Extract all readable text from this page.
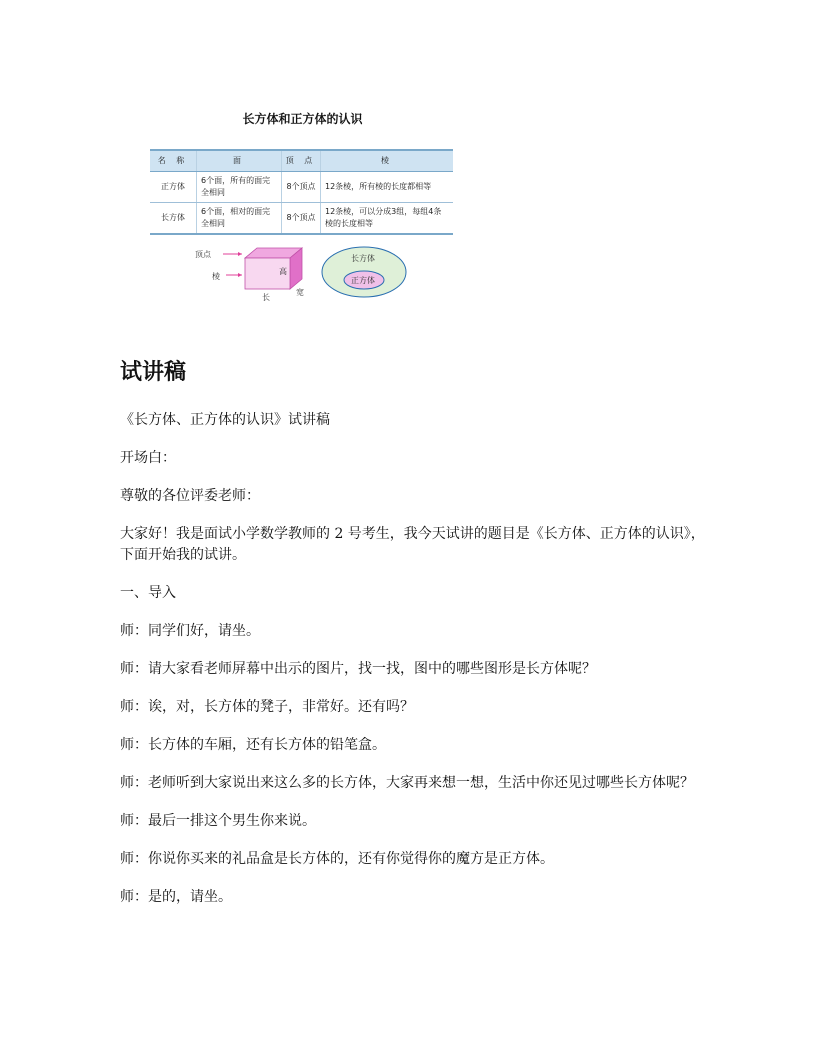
长方体和正方体的认识
名 称	面	顶 点	棱
正方体	6个面，所有的面完全相同	8个顶点	12条棱，所有棱的长度都相等
长方体	6个面，相对的面完全相同	8个顶点	12条棱，可以分成3组，每组4条棱的长度相等
顶点
棱
高
长
宽
长方体
正方体
试讲稿

《长方体、正方体的认识》试讲稿

开场白：

尊敬的各位评委老师：

大家好！我是面试小学数学教师的 2 号考生，我今天试讲的题目是《长方体、正方体的认识》，下面开始我的试讲。

一、导入

师：同学们好，请坐。

师：请大家看老师屏幕中出示的图片，找一找，图中的哪些图形是长方体呢？

师：诶，对，长方体的凳子，非常好。还有吗？

师：长方体的车厢，还有长方体的铅笔盒。

师：老师听到大家说出来这么多的长方体，大家再来想一想，生活中你还见过哪些长方体呢？

师：最后一排这个男生你来说。

师：你说你买来的礼品盒是长方体的，还有你觉得你的魔方是正方体。

师：是的，请坐。
